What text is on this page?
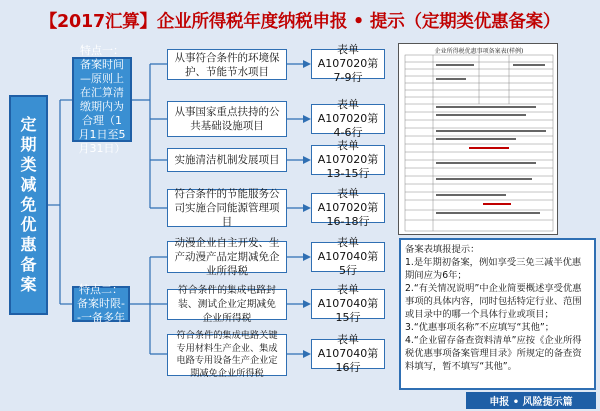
【2017汇算】企业所得税年度纳税申报 • 提示（定期类优惠备案）
定期类减免优惠备案
特点一：备案时间—原则上在汇算清缴期内为合理（1月1日至5月31日）
特点二：备案时限--一备多年
从事符合条件的环境保护、节能节水项目
从事国家重点扶持的公共基础设施项目
实施清洁机制发展项目
符合条件的节能服务公司实施合同能源管理项目
动漫企业自主开发、生产动漫产品定期减免企业所得税
符合条件的集成电路封装、测试企业定期减免企业所得税
符合条件的集成电路关键专用材料生产企业、集成电路专用设备生产企业定期减免企业所得税
表单A107020第7-9行
表单A107020第4-6行
表单A107020第13-15行
表单A107020第16-18行
表单A107040第5行
表单A107040第15行
表单A107040第16行
企业所得税优惠事项备案表(样例)
备案表填报提示：
1.是年期初备案，例如享受三免三减半优惠期间应为6年；
2.“有关情况说明”中企业简要概述享受优惠事项的具体内容，同时包括特定行业、范围或目录中的哪一个具体行业或项目；
3.“优惠事项名称”不应填写“其他”；
4.“企业留存备查资料清单”应按《企业所得税优惠事项备案管理目录》所规定的备查资料填写，暂不填写“其他”。
申报 • 风险提示篇
